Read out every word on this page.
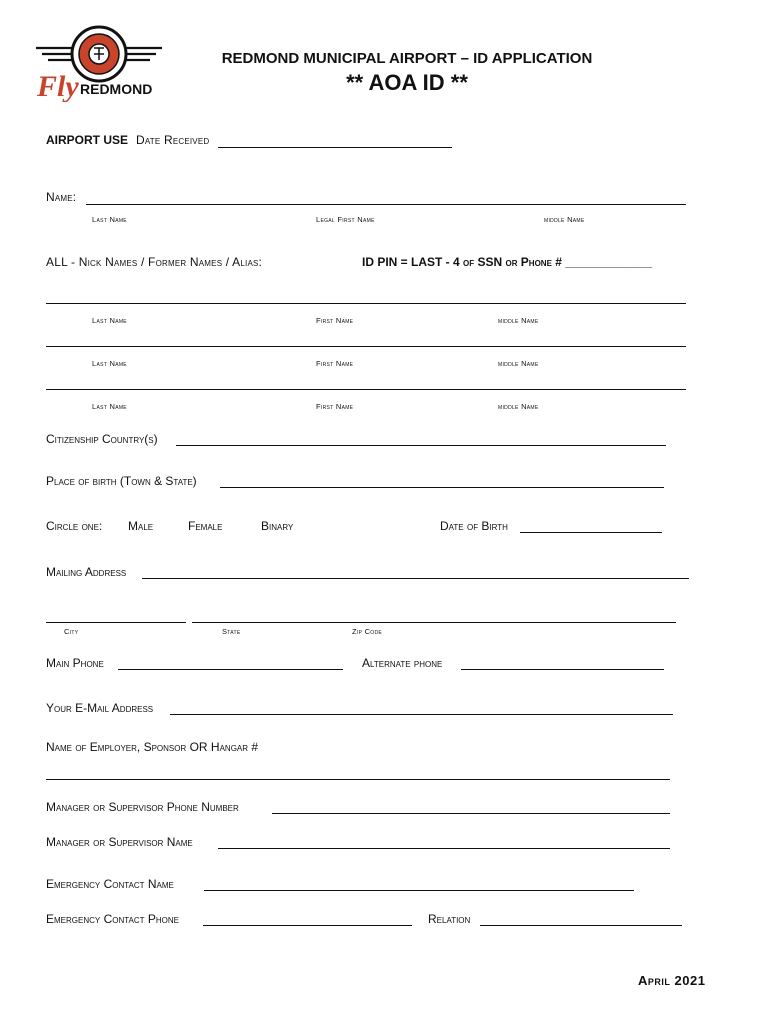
Fly REDMOND
REDMOND MUNICIPAL AIRPORT – ID APPLICATION
** AOA ID **
AIRPORT USE Date Received
Name:
Last Name	Legal First Name	middle Name
ALL - Nick Names / Former Names / Alias:	ID PIN = LAST - 4 of SSN or Phone # _____________
Last Name	First Name	middle Name
Last Name	First Name	middle Name
Last Name	First Name	middle Name
Citizenship Country(s)
Place of birth (Town & State)
Circle one: Male	Female	Binary	Date of Birth
Mailing Address
City	State	Zip Code
Main Phone	Alternate phone
Your E-Mail Address
Name of Employer, Sponsor OR Hangar #
Manager or Supervisor Phone Number
Manager or Supervisor Name
Emergency Contact Name
Emergency Contact Phone	Relation
April 2021
